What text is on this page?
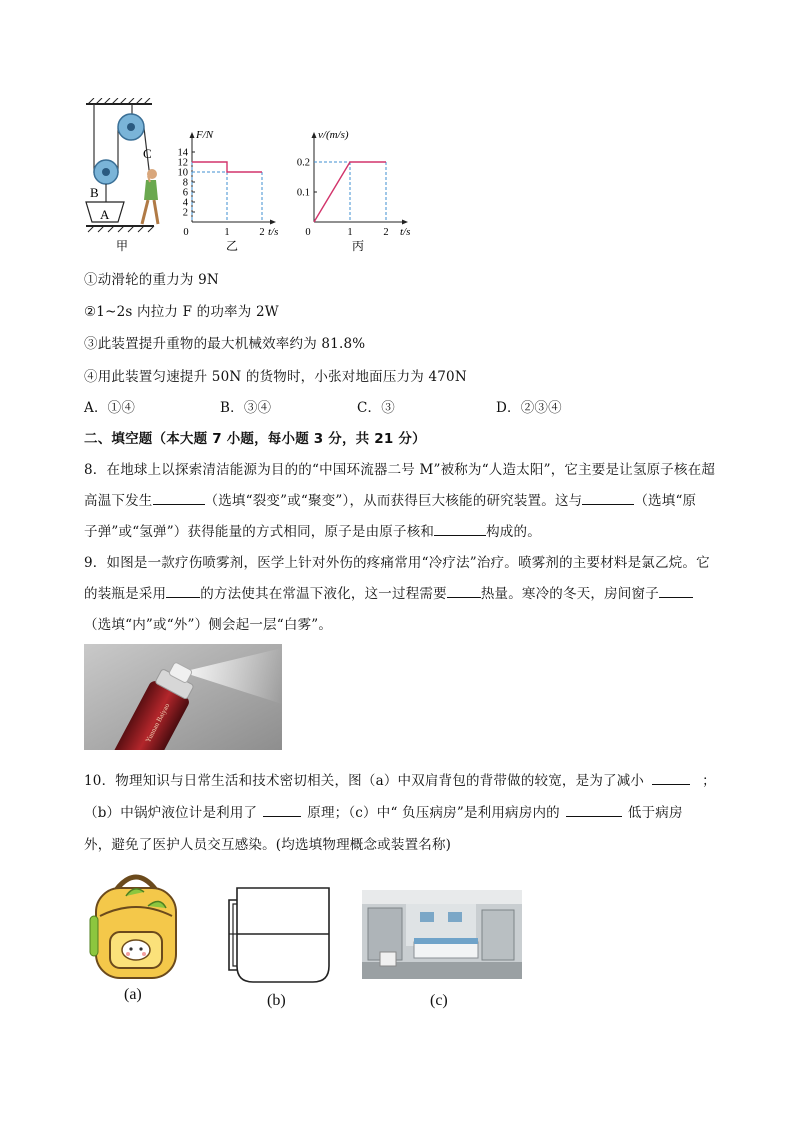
B
C
A
甲
F/N
t/s
乙
14
12
10
8
6
4
2
0	1	2
v/(m/s)
t/s
丙
0.2
0.1
0	1	2
①动滑轮的重力为 9N
②1~2s 内拉力 F 的功率为 2W
③此装置提升重物的最大机械效率约为 81.8%
④用此装置匀速提升 50N 的货物时，小张对地面压力为 470N
A．①④	B．③④	C．③	D．②③④
二、填空题（本大题 7 小题，每小题 3 分，共 21 分）
8．在地球上以探索清洁能源为目的的“中国环流器二号 M”被称为“人造太阳”，它主要是让氢原子核在超
高温下发生	（选填“裂变”或“聚变”），从而获得巨大核能的研究装置。这与	（选填“原
子弹”或“氢弹”）获得能量的方式相同，原子是由原子核和	构成的。
9．如图是一款疗伤喷雾剂，医学上针对外伤的疼痛常用“冷疗法”治疗。喷雾剂的主要材料是氯乙烷。它
的装瓶是采用	的方法使其在常温下液化，这一过程需要	热量。寒冷的冬天，房间窗子
（选填“内”或“外”）侧会起一层“白雾”。
Yunnan Baiyao
10．物理知识与日常生活和技术密切相关，图（a）中双肩背包的背带做的较宽，是为了减小	；
（b）中锅炉液位计是利用了	原理；（c）中“ 负压病房”是利用病房内的	低于病房
外，避免了医护人员交互感染。(均选填物理概念或装置名称)
(a)	(b)	(c)
